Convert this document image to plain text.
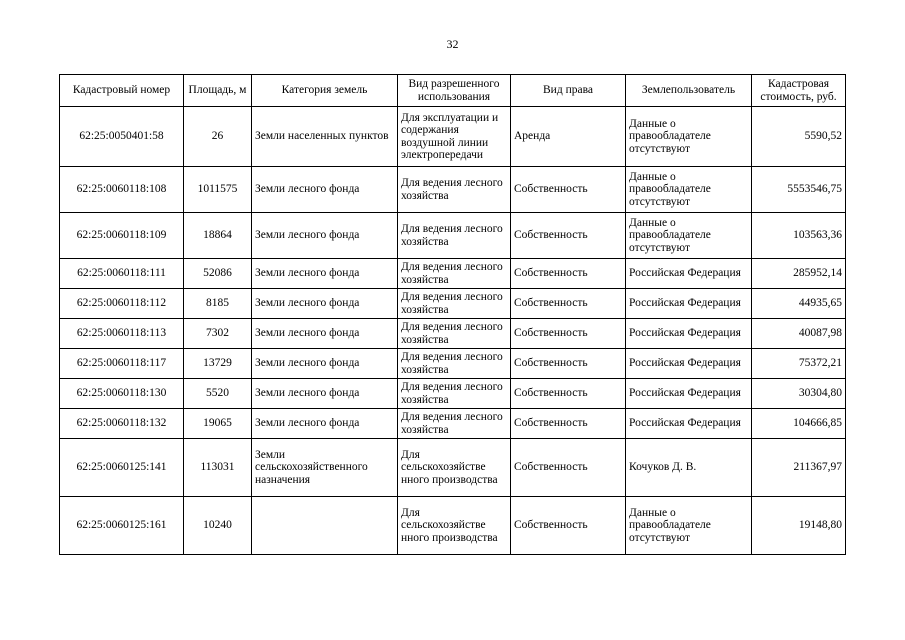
32
Кадастровый номер	Площадь, м	Категория земель	Вид разрешенного использования	Вид права	Землепользователь	Кадастровая стоимость, руб.
62:25:0050401:58	26	Земли населенных пунктов	Для эксплуатации и содержания воздушной линии электропередачи	Аренда	Данные о правообладателе отсутствуют	5590,52
62:25:0060118:108	1011575	Земли лесного фонда	Для ведения лесного хозяйства	Собственность	Данные о правообладателе отсутствуют	5553546,75
62:25:0060118:109	18864	Земли лесного фонда	Для ведения лесного хозяйства	Собственность	Данные о правообладателе отсутствуют	103563,36
62:25:0060118:111	52086	Земли лесного фонда	Для ведения лесного хозяйства	Собственность	Российская Федерация	285952,14
62:25:0060118:112	8185	Земли лесного фонда	Для ведения лесного хозяйства	Собственность	Российская Федерация	44935,65
62:25:0060118:113	7302	Земли лесного фонда	Для ведения лесного хозяйства	Собственность	Российская Федерация	40087,98
62:25:0060118:117	13729	Земли лесного фонда	Для ведения лесного хозяйства	Собственность	Российская Федерация	75372,21
62:25:0060118:130	5520	Земли лесного фонда	Для ведения лесного хозяйства	Собственность	Российская Федерация	30304,80
62:25:0060118:132	19065	Земли лесного фонда	Для ведения лесного хозяйства	Собственность	Российская Федерация	104666,85
62:25:0060125:141	113031	Земли сельскохозяйственного назначения	Для сельскохозяйстве нного производства	Собственность	Кочуков Д. В.	211367,97
62:25:0060125:161	10240		Для сельскохозяйстве нного производства	Собственность	Данные о правообладателе отсутствуют	19148,80
